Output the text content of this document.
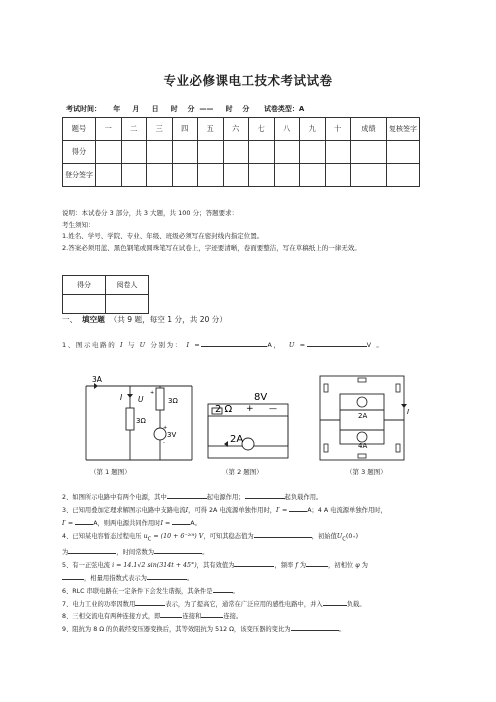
专业必修课电工技术考试试卷
考试时间： 年 月 日 时 分 —— 时 分 试卷类型：A
题号	一	二	三	四	五	六	七	八	九	十	成绩	复核签字
得分												
登分签字												
说明：本试卷分 3 部分，共 3 大题，共 100 分；答题要求：
考生须知：
1.姓名、学号、学院、专业、年级、班级必须写在密封线内指定位置。
2.答案必须用蓝、黑色钢笔或圆珠笔写在试卷上，字迹要清晰，卷面要整洁，写在草稿纸上的一律无效。
得分	阅卷人

一、 填空题 （共 9 题，每空 1 分，共 20 分）
1、图示电路的 I 与 U 分别为： I =	A， U =	V 。
3A
I U
+
3Ω
3Ω
3V
+
-
（第 1 题图）
2 Ω
8V
+ —
2A
（第 2 题图）
2A
4A
I
（第 3 题图）
2、如图所示电路中有两个电源，其中	起电源作用；	起负载作用。
3、已知用叠加定理求解图示电路中支路电流I，可得 2A 电流源单独作用时，I′ =	A；4 A 电流源单独作用时，
I′ =	A，则两电源共同作用时I =	A。
4、已知某电容暂态过程电压 $u_C = (10$ + 6⁻²⁰ᵗ) V，可知其稳态值为	，初始值$U_C(0_+)$
为	，时间常数为	。
5、有一正弦电流 i = 14.1√2 sin(314t + 45°)，其有效值为	，频率 f 为	，初相位 φ 为
，相量用指数式表示为	。
6、RLC 串联电路在一定条件下会发生谐振，其条件是	。
7、电力工业的功率因数用	表示，为了提高它，通常在广泛应用的感性电路中，并入	负载。
8、三相交流电有两种连接方式，即	连接和	连接。
9、阻抗为 8 Ω 的负载经变压器变换后，其等效阻抗为 512 Ω，该变压器的变比为	。
